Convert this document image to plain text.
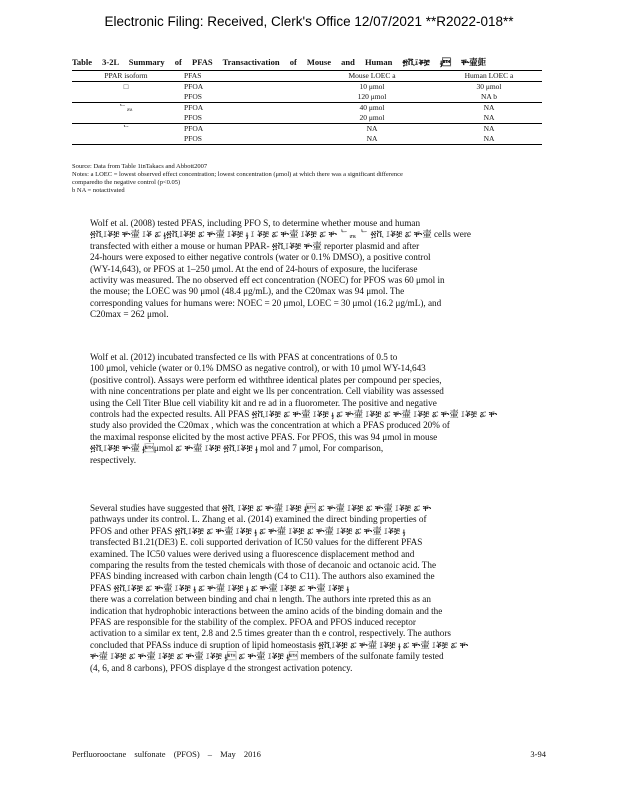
Electronic Filing: Received, Clerk's Office 12/07/2021 **R2022-018**
Table 3-2L Summary of PFAS Transactivation of Mouse and Human ፳ቪ፤ቖቿ ֈ ቝ壷壾
PPAR isoform	PFAS	Mouse LOEC a	Human LOEC a
□	PFOA	10 μmol	30 μmol
	PFOS	120 μmol	NA b
ᄂᇌ	PFOA	40 μmol	NA
	PFOS	20 μmol	NA
ᄂ	PFOA	NA	NA
	PFOS	NA	NA
Source: Data from Table 1inTakacs and Abbott2007
Notes: a LOEC = lowest observed effect concentration; lowest concentration (μmol) at which there was a significant difference
comparedto the negative control (p<0.05)
b NA = notactivated

Wolf et al. (2008) tested PFAS, including PFO S, to determine whether mouse and human
፳ቪ፤ቖቿ ቝ壷 ፤ቖ ፚ ֈ፳ቪ፤ቖቿ ፚ ቝ壷 ፤ቖቿ ֈ ፤ ቖቿ ፚ ቝ壷 ፤ቖቿ ፚ ቝ ᄂᇌ ᄂ ፳ቪ ፤ቖቿ ፚ ቝ壷 cells were
transfected with either a mouse or human PPAR- ፳ቪ፤ቖቿ ቝ壷 reporter plasmid and after
24-hours were exposed to either negative controls (water or 0.1% DMSO), a positive control
(WY-14,643), or PFOS at 1–250 μmol. At the end of 24-hours of exposure, the luciferase
activity was measured. The no observed eff ect concentration (NOEC) for PFOS was 60 μmol in
the mouse; the LOEC was 90 μmol (48.4 μg/mL), and the C20max was 94 μmol. The
corresponding values for humans were: NOEC = 20 μmol, LOEC = 30 μmol (16.2 μg/mL), and
C20max = 262 μmol.

Wolf et al. (2012) incubated transfected ce lls with PFAS at concentrations of 0.5 to
100 μmol, vehicle (water or 0.1% DMSO as negative control), or with 10 μmol WY-14,643
(positive control). Assays were perform ed withthree identical plates per compound per species,
with nine concentrations per plate and eight we lls per concentration. Cell viability was assessed
using the Cell Titer Blue cell viability kit and re ad in a fluorometer. The positive and negative
controls had the expected results. All PFAS ፳ቪ፤ቖቿ ፚ ቝ壷 ፤ቖቿ ֈ ፚ ቝ壷 ፤ቖቿ ፚ ቝ壷 ፤ቖቿ ፚ ቝ壷 ፤ቖቿ ፚ ቝ
study also provided the C20max , which was the concentration at which a PFAS produced 20% of
the maximal response elicited by the most active PFAS. For PFOS, this was 94 μmol in mouse
፳ቪ፤ቖቿ ቝ壷 ֈμmol ፚ ቝ壷 ፤ቖቿ ፳ቪ፤ቖቿ ֈ mol and 7 μmol, For comparison,
respectively.

Several studies have suggested that ፳ቪ ፤ቖቿ ፚ ቝ壷 ፤ቖቿ ֈ ፚ ቝ壷 ፤ቖቿ ፚ ቝ壷 ፤ቖቿ ፚ ቝ
pathways under its control. L. Zhang et al. (2014) examined the direct binding properties of
PFOS and other PFAS ፳ቪ፤ቖቿ ፚ ቝ壷 ፤ቖቿ ֈ ፚ ቝ壷 ፤ቖቿ ፚ ቝ壷 ፤ቖቿ ፚ ቝ壷 ፤ቖቿ ֈ
transfected B1.21(DE3) E. coli supported derivation of IC50 values for the different PFAS
examined. The IC50 values were derived using a fluorescence displacement method and
comparing the results from the tested chemicals with those of decanoic and octanoic acid. The
PFAS binding increased with carbon chain length (C4 to C11). The authors also examined the
PFAS ፳ቪ፤ቖቿ ፚ ቝ壷 ፤ቖቿ ֈ ፚ ቝ壷 ፤ቖቿ ֈ ፚ ቝ壷 ፤ቖቿ ፚ ቝ壷 ፤ቖቿ ֈ
there was a correlation between binding and chai n length. The authors inte rpreted this as an
indication that hydrophobic interactions between the amino acids of the binding domain and the
PFAS are responsible for the stability of the complex. PFOA and PFOS induced receptor
activation to a similar ex tent, 2.8 and 2.5 times greater than th e control, respectively. The authors
concluded that PFASs induce di sruption of lipid homeostasis ፳ቪ፤ቖቿ ፚ ቝ壷 ፤ቖቿ ֈ ፚ ቝ壷 ፤ቖቿ ፚ ቝ
ቝ壷 ፤ቖቿ ፚ ቝ壷 ፤ቖቿ ፚ ቝ壷 ፤ቖቿ ֈ ፚ ቝ壷 ፤ቖቿ ֈ members of the sulfonate family tested
(4, 6, and 8 carbons), PFOS displaye d the strongest activation potency.

Perfluorooctane sulfonate (PFOS) – May 2016	3-94
